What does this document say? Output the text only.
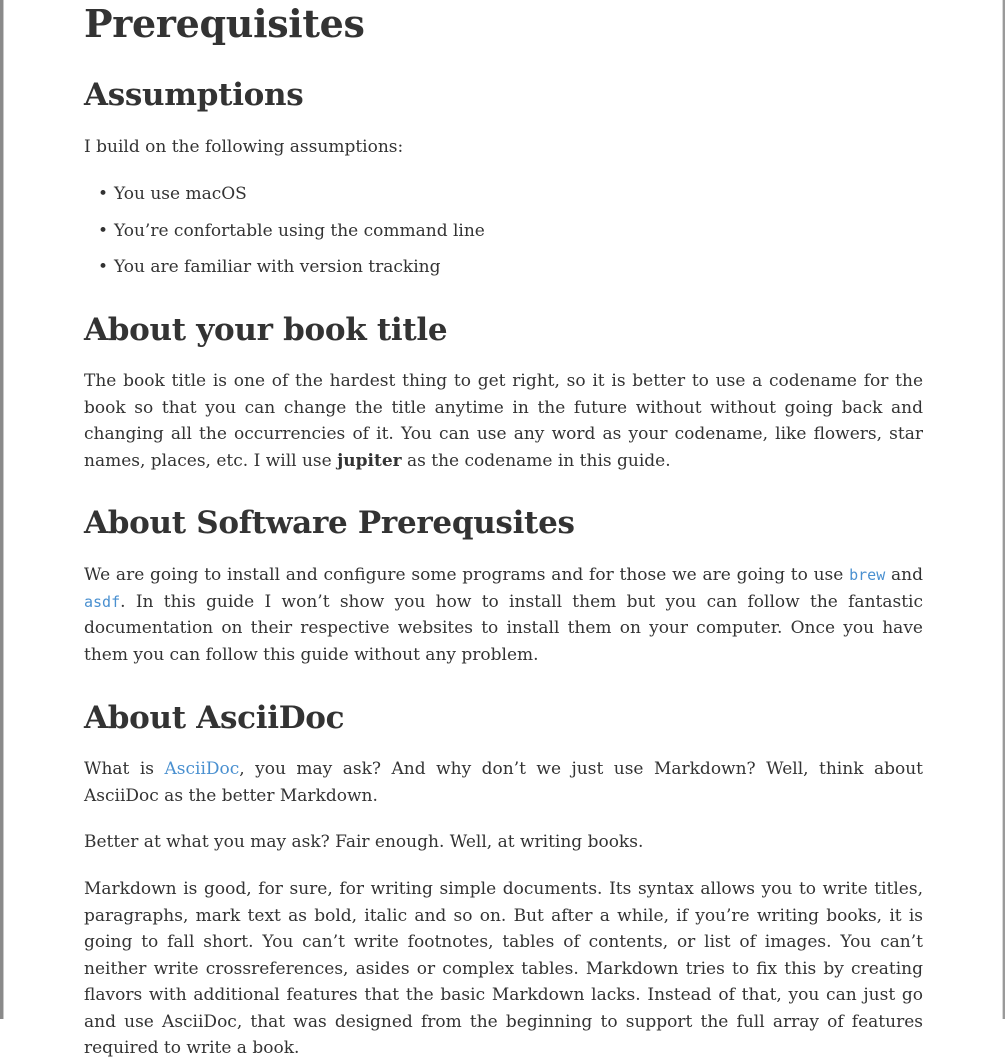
Prerequisites
Assumptions

I build on the following assumptions:

• You use macOS
• You’re confortable using the command line
• You are familiar with version tracking
About your book title

The book title is one of the hardest thing to get right, so it is better to use a codename for the book so that you can change the title anytime in the future without without going back and changing all the occurrencies of it. You can use any word as your codename, like flowers, star names, places, etc. I will use jupiter as the codename in this guide.

About Software Prerequsites

We are going to install and configure some programs and for those we are going to use brew and asdf. In this guide I won’t show you how to install them but you can follow the fantastic documentation on their respective websites to install them on your computer. Once you have them you can follow this guide without any problem.

About AsciiDoc

What is AsciiDoc, you may ask? And why don’t we just use Markdown? Well, think about AsciiDoc as the better Markdown.

Better at what you may ask? Fair enough. Well, at writing books.

Markdown is good, for sure, for writing simple documents. Its syntax allows you to write titles, paragraphs, mark text as bold, italic and so on. But after a while, if you’re writing books, it is going to fall short. You can’t write footnotes, tables of contents, or list of images. You can’t neither write crossreferences, asides or complex tables. Markdown tries to fix this by creating flavors with additional features that the basic Markdown lacks. Instead of that, you can just go and use AsciiDoc, that was designed from the beginning to support the full array of features required to write a book.
